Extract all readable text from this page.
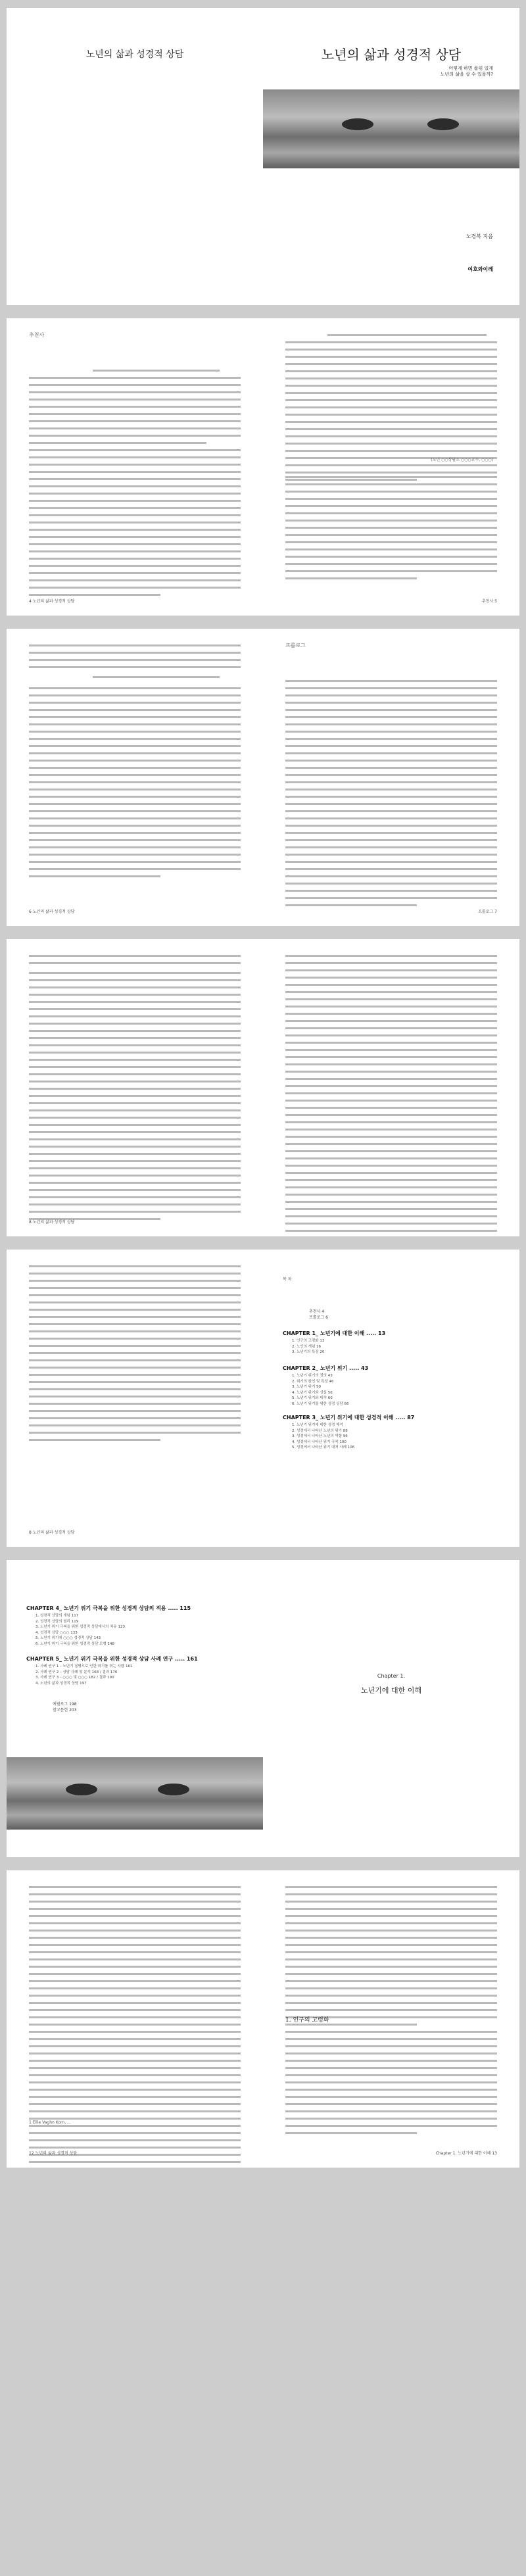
노년의 삶과 성경적 상담	노년의 삶과 성경적 상담
어떻게 하면 품위 있게
노년의 삶을 살 수 있을까?
노경복 지음
여호와이레
추천사
4 노년의 삶과 성경적 상담
(노년 ○○상담소 ○○○교수, ○○○)
추천사 5
6 노년의 삶과 성경적 상담
프롤로그
프롤로그 7
8 노년의 삶과 성경적 상담
8 노년의 삶과 성경적 상담
목 차
추천사 4
프롤로그 6
CHAPTER 1_ 노년기에 대한 이해 ..... 13
1. 인구의 고령화 13
2. 노인의 개념 16
3. 노년기의 특징 20
CHAPTER 2_ 노년기 위기 ..... 43
1. 노년기 위기의 정의 43
2. 위기의 원인 및 특성 46
3. 노년기 위기 50
4. 노년기 위기와 상실 56
5. 노년기 위기와 대처 60
6. 노년기 위기를 위한 성경 상담 66
CHAPTER 3_ 노년기 위기에 대한 성경적 이해 ..... 87
1. 노년기 위기에 대한 성경 해석
2. 성경에서 나타난 노년의 위기 88
3. 성경에서 나타난 노년의 역할 96
4. 성경에서 나타난 위기 극복 100
5. 성경에서 나타난 위기 대처 사례 106
CHAPTER 4_ 노년기 위기 극복을 위한 성경적 상담의 적용 ..... 115
1. 성경적 상담의 개념 117
2. 성경적 상담의 원리 119
3. 노년기 위기 극복을 위한 성경적 상담에서의 치유 123
4. 성경적 상담 ○○○ 133
5. 노년기 위기에 ○○○ 성경적 상담 143
6. 노년기 위기 극복을 위한 성경적 상담 모형 148
CHAPTER 5_ 노년기 위기 극복을 위한 성경적 상담 사례 연구 ..... 161
1. 사례 연구 1 – 노년기 질병으로 인한 위기를 겪는 사람 161
2. 사례 연구 2 – 상담 사례 및 분석 168 / 결과 176
3. 사례 연구 3 – ○○○ 및 ○○○ 182 / 결과 190
4. 노년의 삶과 성경적 상담 197
에필로그 198
참고문헌 203
Chapter 1.
노년기에 대한 이해
1 Ellie Vaghn Korn, ...
12 노년의 삶과 성경적 상담
1. 인구의 고령화
Chapter 1. 노년기에 대한 이해 13
